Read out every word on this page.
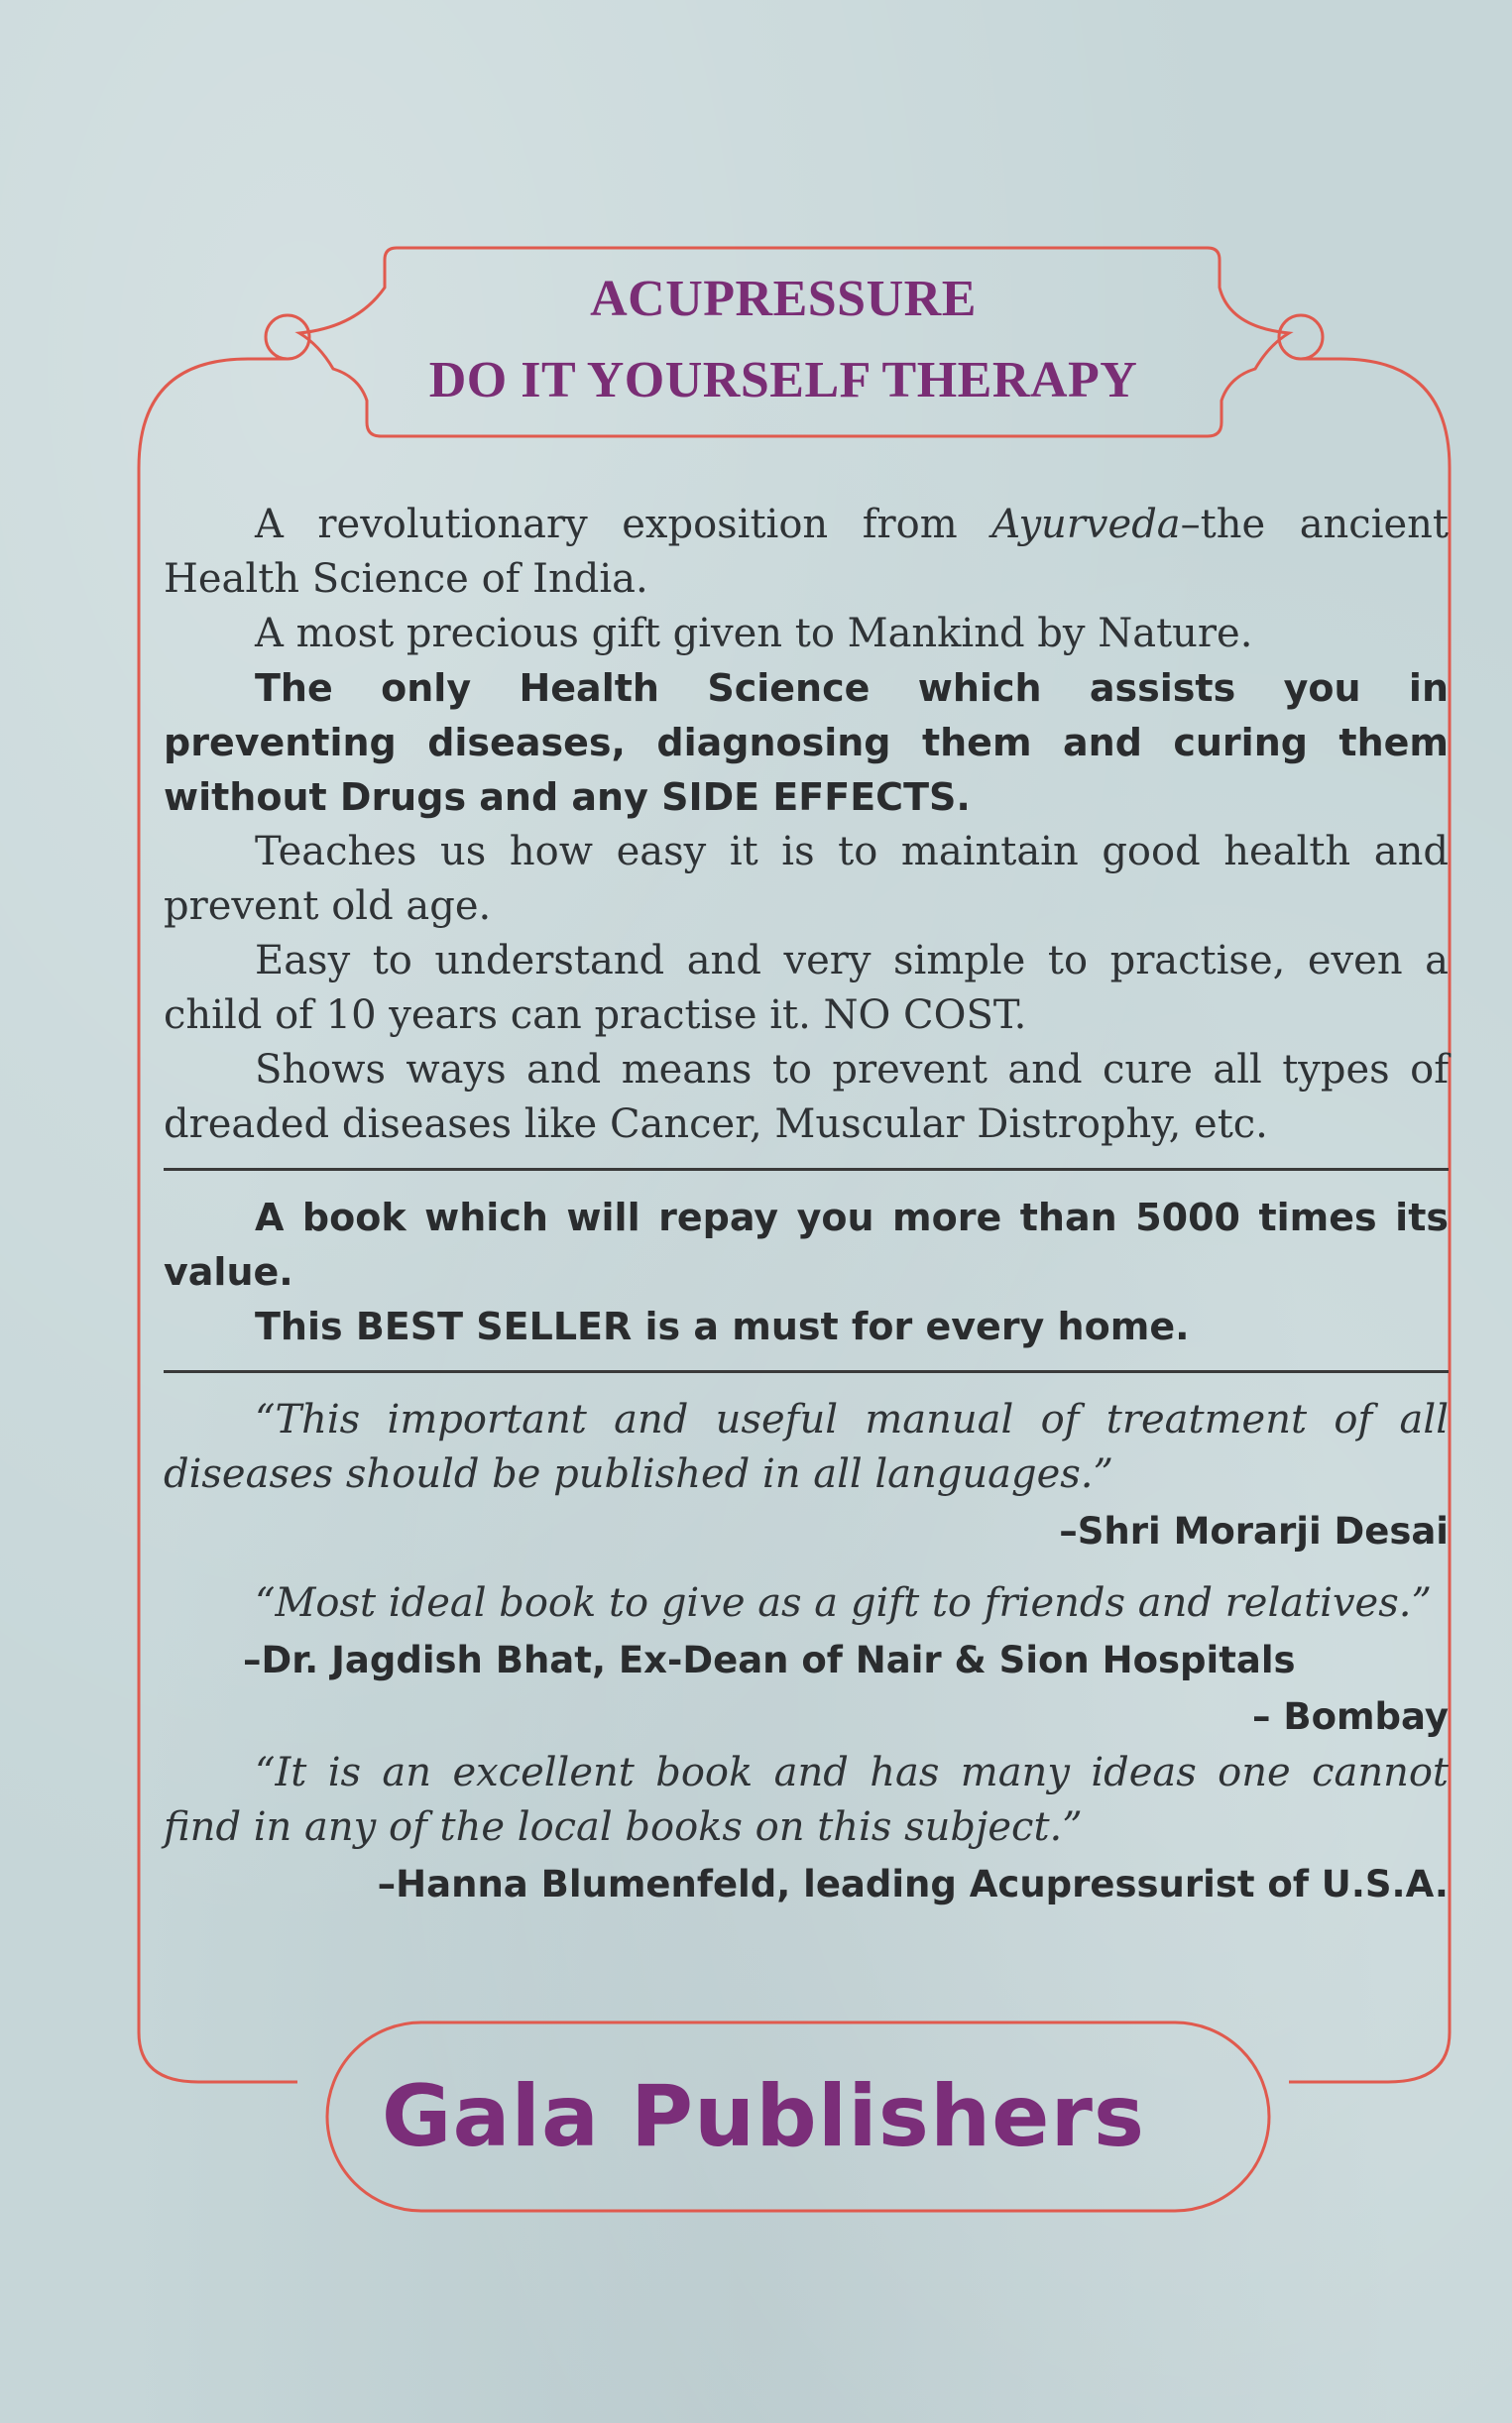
ACUPRESSURE
DO IT YOURSELF THERAPY

A revolutionary exposition from Ayurveda–the ancient Health Science of India.

A most precious gift given to Mankind by Nature.

The only Health Science which assists you in preventing diseases, diagnosing them and curing them without Drugs and any SIDE EFFECTS.

Teaches us how easy it is to maintain good health and prevent old age.

Easy to understand and very simple to practise, even a child of 10 years can practise it. NO COST.

Shows ways and means to prevent and cure all types of dreaded diseases like Cancer, Muscular Distrophy, etc.

A book which will repay you more than 5000 times its value.

This BEST SELLER is a must for every home.

“This important and useful manual of treatment of all diseases should be published in all languages.”

–Shri Morarji Desai

“Most ideal book to give as a gift to friends and relatives.”

–Dr. Jagdish Bhat, Ex-Dean of Nair & Sion Hospitals

– Bombay

“It is an excellent book and has many ideas one cannot find in any of the local books on this subject.”

–Hanna Blumenfeld, leading Acupressurist of U.S.A.

Gala Publishers
